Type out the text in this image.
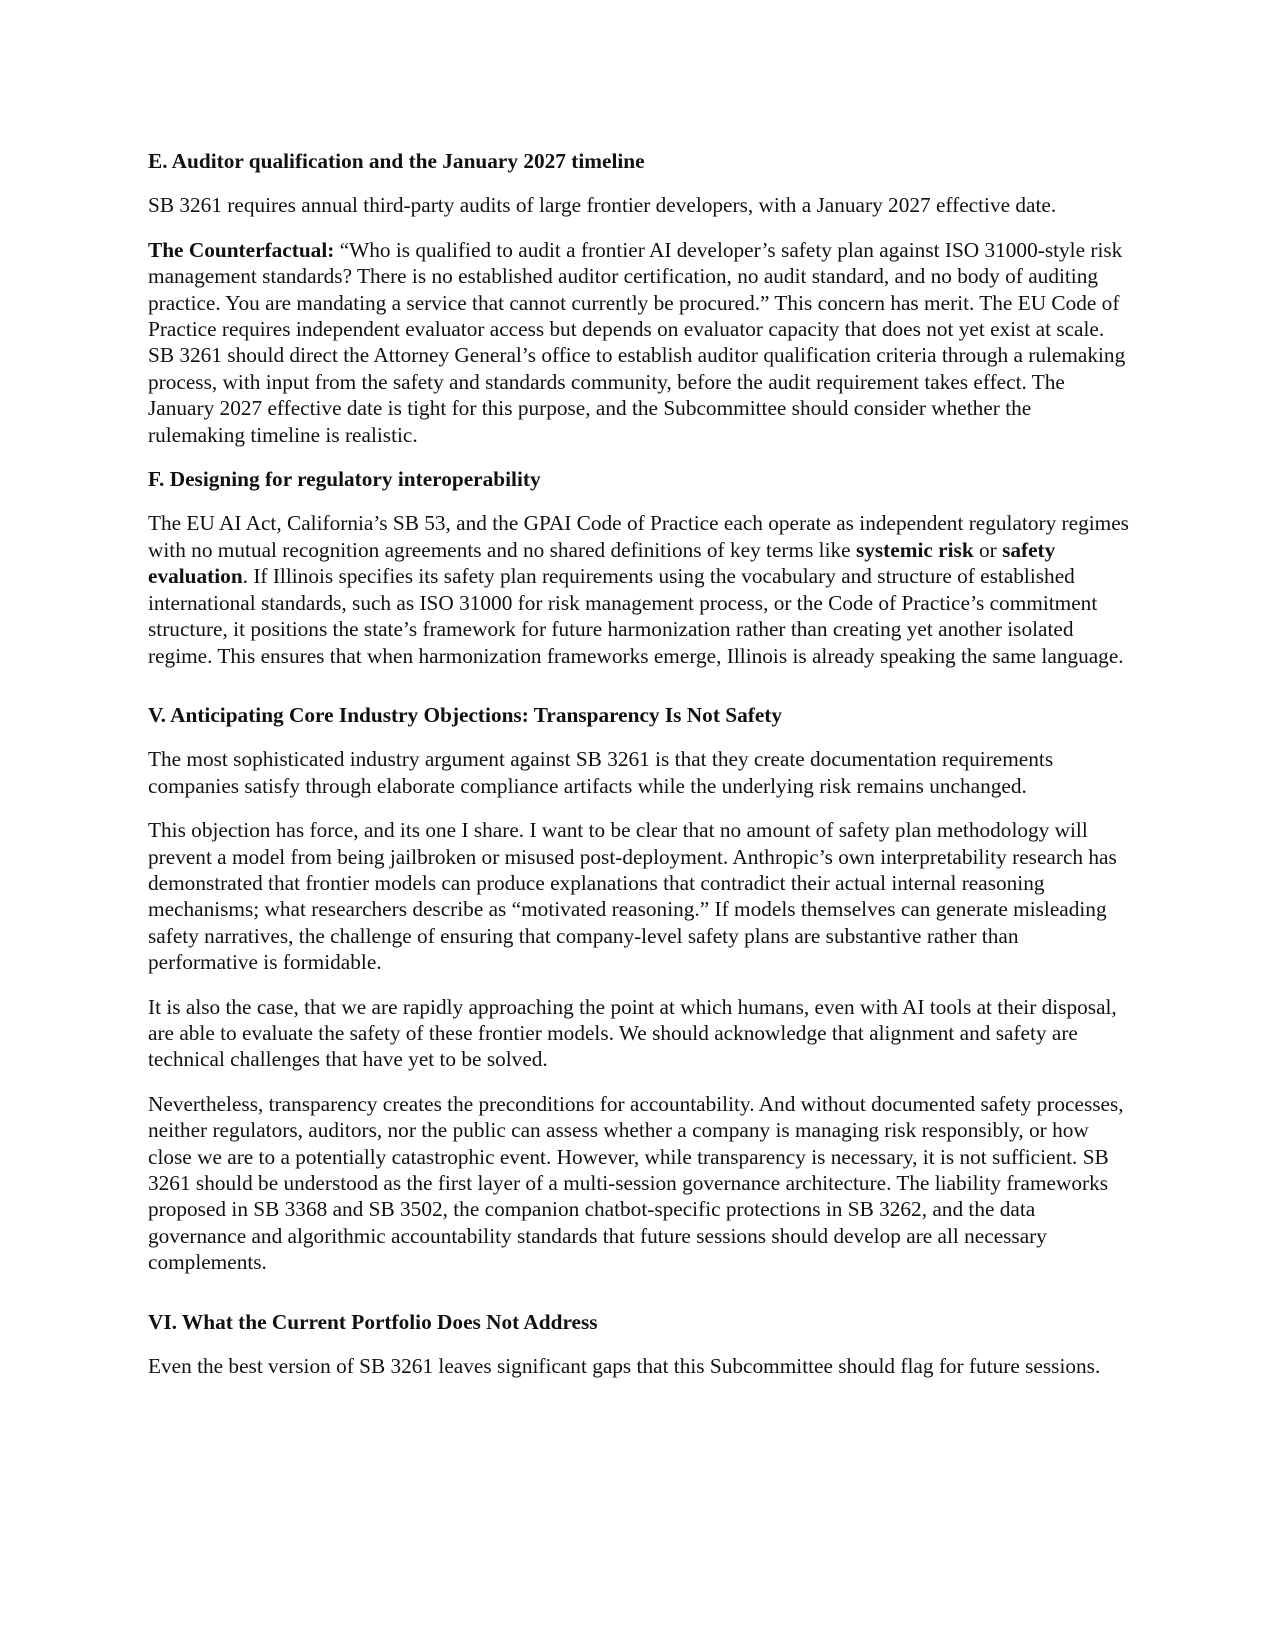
E. Auditor qualification and the January 2027 timeline

SB 3261 requires annual third-party audits of large frontier developers, with a January 2027 effective date.

The Counterfactual: “Who is qualified to audit a frontier AI developer’s safety plan against ISO 31000-style risk management standards? There is no established auditor certification, no audit standard, and no body of auditing practice. You are mandating a service that cannot currently be procured.” This concern has merit. The EU Code of Practice requires independent evaluator access but depends on evaluator capacity that does not yet exist at scale. SB 3261 should direct the Attorney General’s office to establish auditor qualification criteria through a rulemaking process, with input from the safety and standards community, before the audit requirement takes effect. The January 2027 effective date is tight for this purpose, and the Subcommittee should consider whether the rulemaking timeline is realistic.

F. Designing for regulatory interoperability

The EU AI Act, California’s SB 53, and the GPAI Code of Practice each operate as independent regulatory regimes with no mutual recognition agreements and no shared definitions of key terms like systemic risk or safety evaluation. If Illinois specifies its safety plan requirements using the vocabulary and structure of established international standards, such as ISO 31000 for risk management process, or the Code of Practice’s commitment structure, it positions the state’s framework for future harmonization rather than creating yet another isolated regime. This ensures that when harmonization frameworks emerge, Illinois is already speaking the same language.

V. Anticipating Core Industry Objections: Transparency Is Not Safety

The most sophisticated industry argument against SB 3261 is that they create documentation requirements companies satisfy through elaborate compliance artifacts while the underlying risk remains unchanged.

This objection has force, and its one I share. I want to be clear that no amount of safety plan methodology will prevent a model from being jailbroken or misused post-deployment. Anthropic’s own interpretability research has demonstrated that frontier models can produce explanations that contradict their actual internal reasoning mechanisms; what researchers describe as “motivated reasoning.” If models themselves can generate misleading safety narratives, the challenge of ensuring that company-level safety plans are substantive rather than performative is formidable.

It is also the case, that we are rapidly approaching the point at which humans, even with AI tools at their disposal, are able to evaluate the safety of these frontier models. We should acknowledge that alignment and safety are technical challenges that have yet to be solved.

Nevertheless, transparency creates the preconditions for accountability. And without documented safety processes, neither regulators, auditors, nor the public can assess whether a company is managing risk responsibly, or how close we are to a potentially catastrophic event. However, while transparency is necessary, it is not sufficient. SB 3261 should be understood as the first layer of a multi-session governance architecture. The liability frameworks proposed in SB 3368 and SB 3502, the companion chatbot-specific protections in SB 3262, and the data governance and algorithmic accountability standards that future sessions should develop are all necessary complements.

VI. What the Current Portfolio Does Not Address

Even the best version of SB 3261 leaves significant gaps that this Subcommittee should flag for future sessions.
